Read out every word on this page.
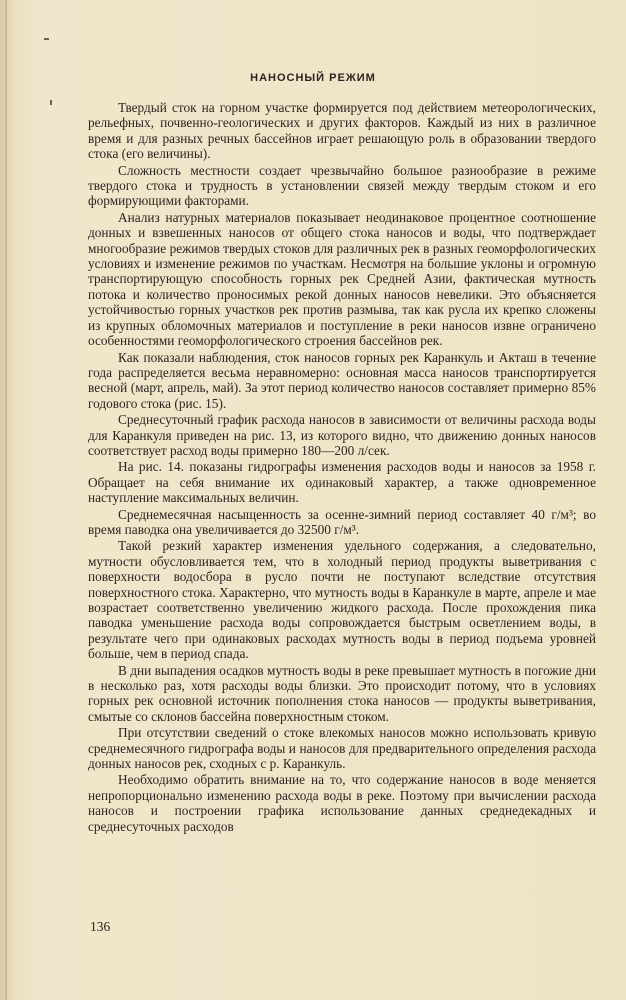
НАНОСНЫЙ РЕЖИМ

Твердый сток на горном участке формируется под действием метеорологических, рельефных, почвенно-геологических и других факторов. Каждый из них в различное время и для разных речных бассейнов играет решающую роль в образовании твердого стока (его величины).

Сложность местности создает чрезвычайно большое разнообразие в режиме твердого стока и трудность в установлении связей между твердым стоком и его формирующими факторами.

Анализ натурных материалов показывает неодинаковое процентное соотношение донных и взвешенных наносов от общего стока наносов и воды, что подтверждает многообразие режимов твердых стоков для различных рек в разных геоморфологических условиях и изменение режимов по участкам. Несмотря на большие уклоны и огромную транспортирующую способность горных рек Средней Азии, фактическая мутность потока и количество проносимых рекой донных наносов невелики. Это объясняется устойчивостью горных участков рек против размыва, так как русла их крепко сложены из крупных обломочных материалов и поступление в реки наносов извне ограничено особенностями геоморфологического строения бассейнов рек.

Как показали наблюдения, сток наносов горных рек Каранкуль и Акташ в течение года распределяется весьма неравномерно: основная масса наносов транспортируется весной (март, апрель, май). За этот период количество наносов составляет примерно 85% годового стока (рис. 15).

Среднесуточный график расхода наносов в зависимости от величины расхода воды для Каранкуля приведен на рис. 13, из которого видно, что движению донных наносов соответствует расход воды примерно 180—200 л/сек.

На рис. 14. показаны гидрографы изменения расходов воды и наносов за 1958 г. Обращает на себя внимание их одинаковый характер, а также одновременное наступление максимальных величин.

Среднемесячная насыщенность за осенне-зимний период составляет 40 г/м³; во время паводка она увеличивается до 32500 г/м³.

Такой резкий характер изменения удельного содержания, а следовательно, мутности обусловливается тем, что в холодный период продукты выветривания с поверхности водосбора в русло почти не поступают вследствие отсутствия поверхностного стока. Характерно, что мутность воды в Каранкуле в марте, апреле и мае возрастает соответственно увеличению жидкого расхода. После прохождения пика паводка уменьшение расхода воды сопровождается быстрым осветлением воды, в результате чего при одинаковых расходах мутность воды в период подъема уровней больше, чем в период спада.

В дни выпадения осадков мутность воды в реке превышает мутность в погожие дни в несколько раз, хотя расходы воды близки. Это происходит потому, что в условиях горных рек основной источник пополнения стока наносов — продукты выветривания, смытые со склонов бассейна поверхностным стоком.

При отсутствии сведений о стоке влекомых наносов можно использовать кривую среднемесячного гидрографа воды и наносов для предварительного определения расхода донных наносов рек, сходных с р. Каранкуль.

Необходимо обратить внимание на то, что содержание наносов в воде меняется непропорционально изменению расхода воды в реке. Поэтому при вычислении расхода наносов и построении графика использование данных среднедекадных и среднесуточных расходов

136
